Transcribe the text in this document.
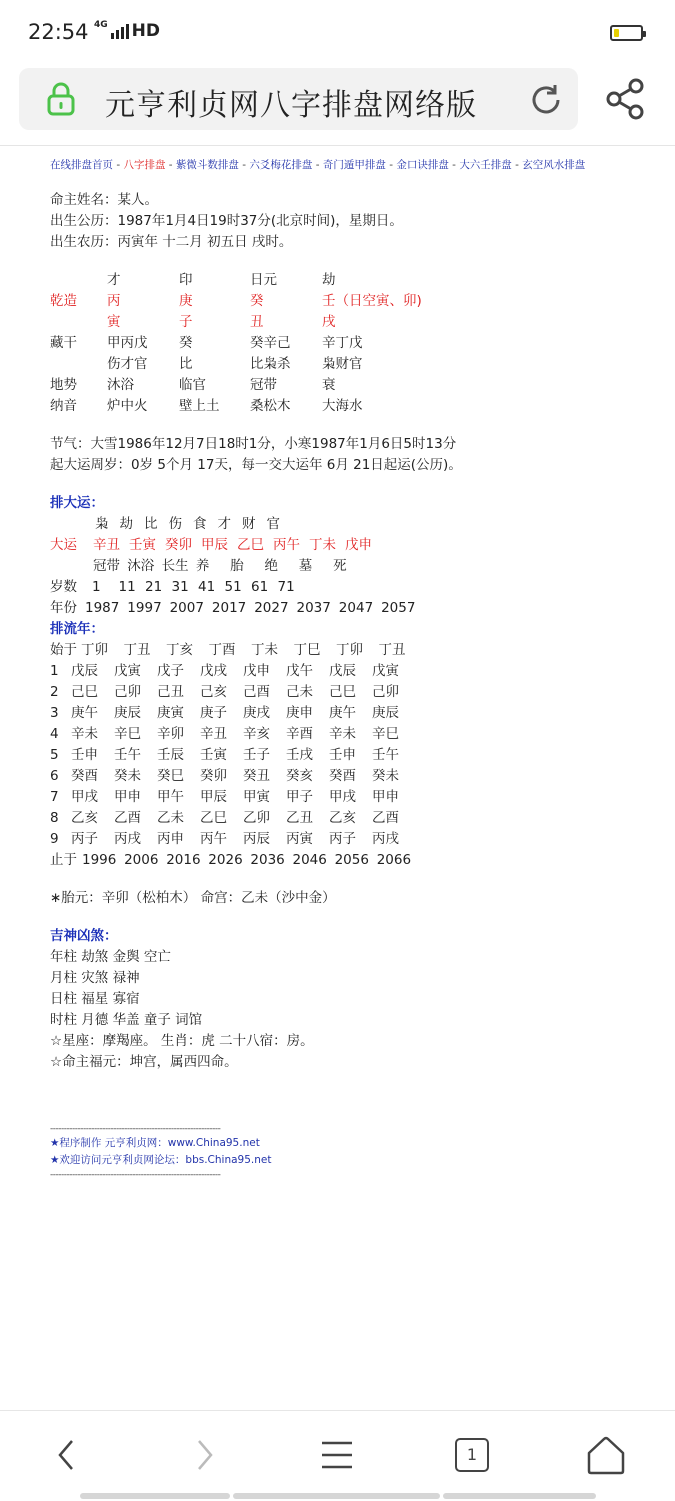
22:54 4G HD
元亨利贞网八字排盘网络版
在线排盘首页 - 八字排盘 - 紫微斗数排盘 - 六爻梅花排盘 - 奇门遁甲排盘 - 金口诀排盘 - 大六壬排盘 - 玄空风水排盘
命主姓名：某人。
出生公历：1987年1月4日19时37分(北京时间)，星期日。
出生农历：丙寅年 十二月 初五日 戌时。
才	印	日元	劫
乾造 丙	庚	癸	壬（日空寅、卯)
寅	子	丑	戌
藏干 甲丙戊 癸	癸辛己 辛丁戊
伤才官 比	比枭杀 枭财官
地势 沐浴	临官	冠带	衰
纳音 炉中火 壁上土 桑松木 大海水
节气：大雪1986年12月7日18时1分，小寒1987年1月6日5时13分
起大运周岁：0岁 5个月 17天，每一交大运年 6月 21日起运(公历)。
排大运：
枭 劫 比 伤 食 才 财 官
大运 辛丑 壬寅 癸卯 甲辰 乙巳 丙午 丁未 戊申
冠带 沐浴 长生 养 胎 绝 墓 死
岁数 1 11 21 31 41 51 61 71
年份 1987 1997 2007 2017 2027 2037 2047 2057
排流年：
始于 丁卯 丁丑 丁亥 丁酉 丁未 丁巳 丁卯 丁丑
1 戊辰 戊寅 戊子 戊戌 戊申 戊午 戊辰 戊寅
2 己巳 己卯 己丑 己亥 己酉 己未 己巳 己卯
3 庚午 庚辰 庚寅 庚子 庚戌 庚申 庚午 庚辰
4 辛未 辛巳 辛卯 辛丑 辛亥 辛酉 辛未 辛巳
5 壬申 壬午 壬辰 壬寅 壬子 壬戌 壬申 壬午
6 癸酉 癸未 癸巳 癸卯 癸丑 癸亥 癸酉 癸未
7 甲戌 甲申 甲午 甲辰 甲寅 甲子 甲戌 甲申
8 乙亥 乙酉 乙未 乙巳 乙卯 乙丑 乙亥 乙酉
9 丙子 丙戌 丙申 丙午 丙辰 丙寅 丙子 丙戌
止于 1996 2006 2016 2026 2036 2046 2056 2066
∗胎元：辛卯（松柏木） 命宫：乙未（沙中金）
吉神凶煞：
年柱 劫煞 金舆 空亡
月柱 灾煞 禄神
日柱 福星 寡宿
时柱 月德 华盖 童子 词馆
☆星座：摩羯座。 生肖：虎 二十八宿：房。
☆命主福元：坤宫，属西四命。
--------------------------------------------------------------
★程序制作 元亨利贞网：www.China95.net
★欢迎访问元亨利贞网论坛：bbs.China95.net
--------------------------------------------------------------
1
